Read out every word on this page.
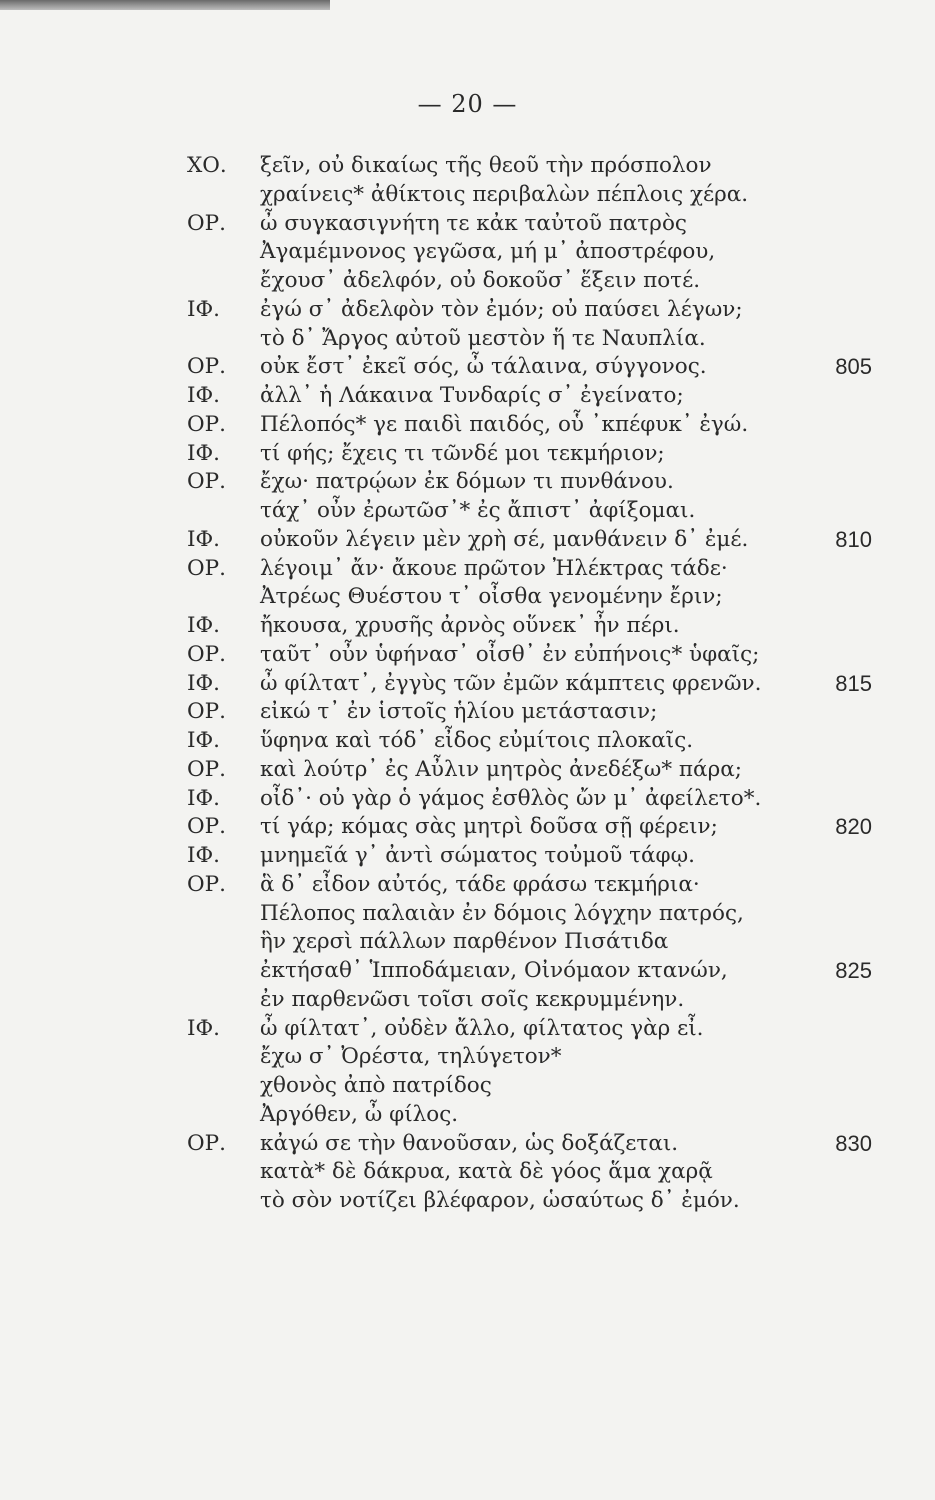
— 20 —
ΧΟ.	ξεῖν, οὐ δικαίως τῆς θεοῦ τὴν πρόσπολον
χραίνεις* ἀθίκτοις περιβαλὼν πέπλοις χέρα.
ΟΡ.	ὦ συγκασιγνήτη τε κἀκ ταὐτοῦ πατρὸς
Ἀγαμέμνονος γεγῶσα, μή μ᾽ ἀποστρέφου,
ἔχουσ᾽ ἀδελφόν, οὐ δοκοῦσ᾽ ἕξειν ποτέ.
ΙΦ.	ἐγώ σ᾽ ἀδελφὸν τὸν ἐμόν; οὐ παύσει λέγων;
τὸ δ᾽ Ἄργος αὐτοῦ μεστὸν ἥ τε Ναυπλία.
ΟΡ.	οὐκ ἔστ᾽ ἐκεῖ σός, ὦ τάλαινα, σύγγονος.	805
ΙΦ.	ἀλλ᾽ ἡ Λάκαινα Τυνδαρίς σ᾽ ἐγείνατο;
ΟΡ.	Πέλοπός* γε παιδὶ παιδός, οὗ ᾽κπέφυκ᾽ ἐγώ.
ΙΦ.	τί φής; ἔχεις τι τῶνδέ μοι τεκμήριον;
ΟΡ.	ἔχω· πατρῴων ἐκ δόμων τι πυνθάνου.
τάχ᾽ οὖν ἐρωτῶσ᾽* ἐς ἄπιστ᾽ ἀφίξομαι.
ΙΦ.	οὐκοῦν λέγειν μὲν χρὴ σέ, μανθάνειν δ᾽ ἐμέ.	810
ΟΡ.	λέγοιμ᾽ ἄν· ἄκουε πρῶτον Ἠλέκτρας τάδε·
Ἀτρέως Θυέστου τ᾽ οἶσθα γενομένην ἔριν;
ΙΦ.	ἤκουσα, χρυσῆς ἀρνὸς οὕνεκ᾽ ἦν πέρι.
ΟΡ.	ταῦτ᾽ οὖν ὑφήνασ᾽ οἶσθ᾽ ἐν εὐπήνοις* ὑφαῖς;
ΙΦ.	ὦ φίλτατ᾽, ἐγγὺς τῶν ἐμῶν κάμπτεις φρενῶν.	815
ΟΡ.	εἰκώ τ᾽ ἐν ἱστοῖς ἡλίου μετάστασιν;
ΙΦ.	ὕφηνα καὶ τόδ᾽ εἶδος εὐμίτοις πλοκαῖς.
ΟΡ.	καὶ λούτρ᾽ ἐς Αὖλιν μητρὸς ἀνεδέξω* πάρα;
ΙΦ.	οἶδ᾽· οὐ γὰρ ὁ γάμος ἐσθλὸς ὤν μ᾽ ἀφείλετο*.
ΟΡ.	τί γάρ; κόμας σὰς μητρὶ δοῦσα σῇ φέρειν;	820
ΙΦ.	μνημεῖά γ᾽ ἀντὶ σώματος τοὐμοῦ τάφῳ.
ΟΡ.	ἃ δ᾽ εἶδον αὐτός, τάδε φράσω τεκμήρια·
Πέλοπος παλαιὰν ἐν δόμοις λόγχην πατρός,
ἣν χερσὶ πάλλων παρθένον Πισάτιδα
ἐκτήσαθ᾽ Ἱπποδάμειαν, Οἰνόμαον κτανών,	825
ἐν παρθενῶσι τοῖσι σοῖς κεκρυμμένην.
ΙΦ.	ὦ φίλτατ᾽, οὐδὲν ἄλλο, φίλτατος γὰρ εἶ.
ἔχω σ᾽ Ὀρέστα, τηλύγετον*
χθονὸς ἀπὸ πατρίδος
Ἀργόθεν, ὦ φίλος.
ΟΡ.	κἀγώ σε τὴν θανοῦσαν, ὡς δοξάζεται.	830
κατὰ* δὲ δάκρυα, κατὰ δὲ γόος ἅμα χαρᾷ
τὸ σὸν νοτίζει βλέφαρον, ὡσαύτως δ᾽ ἐμόν.
